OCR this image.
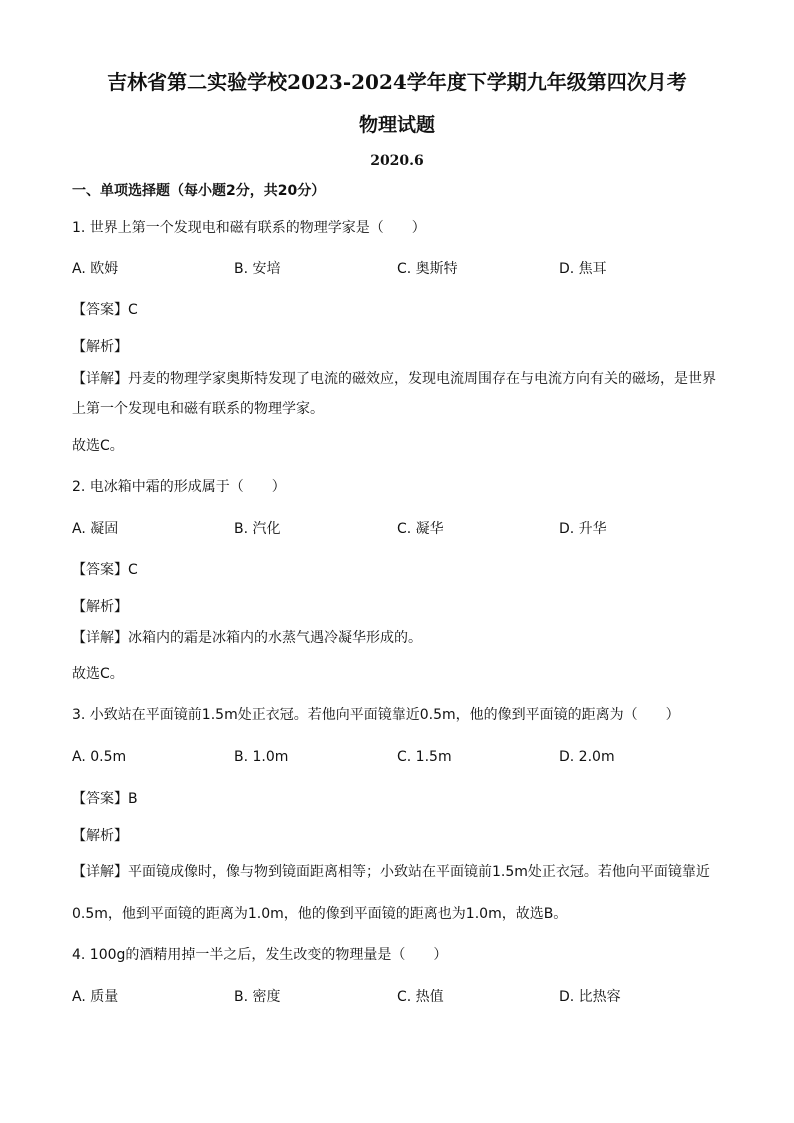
吉林省第二实验学校2023-2024学年度下学期九年级第四次月考
物理试题
2020.6
一、单项选择题（每小题2分，共20分）
1. 世界上第一个发现电和磁有联系的物理学家是（　　）
A. 欧姆	B. 安培	C. 奥斯特	D. 焦耳
【答案】C
【解析】
【详解】丹麦的物理学家奥斯特发现了电流的磁效应，发现电流周围存在与电流方向有关的磁场，是世界
上第一个发现电和磁有联系的物理学家。
故选C。
2. 电冰箱中霜的形成属于（　　）
A. 凝固	B. 汽化	C. 凝华	D. 升华
【答案】C
【解析】
【详解】冰箱内的霜是冰箱内的水蒸气遇冷凝华形成的。
故选C。
3. 小致站在平面镜前1.5m处正衣冠。若他向平面镜靠近0.5m，他的像到平面镜的距离为（　　）
A. 0.5m	B. 1.0m	C. 1.5m	D. 2.0m
【答案】B
【解析】
【详解】平面镜成像时，像与物到镜面距离相等；小致站在平面镜前1.5m处正衣冠。若他向平面镜靠近
0.5m，他到平面镜的距离为1.0m，他的像到平面镜的距离也为1.0m，故选B。
4. 100g的酒精用掉一半之后，发生改变的物理量是（　　）
A. 质量	B. 密度	C. 热值	D. 比热容
